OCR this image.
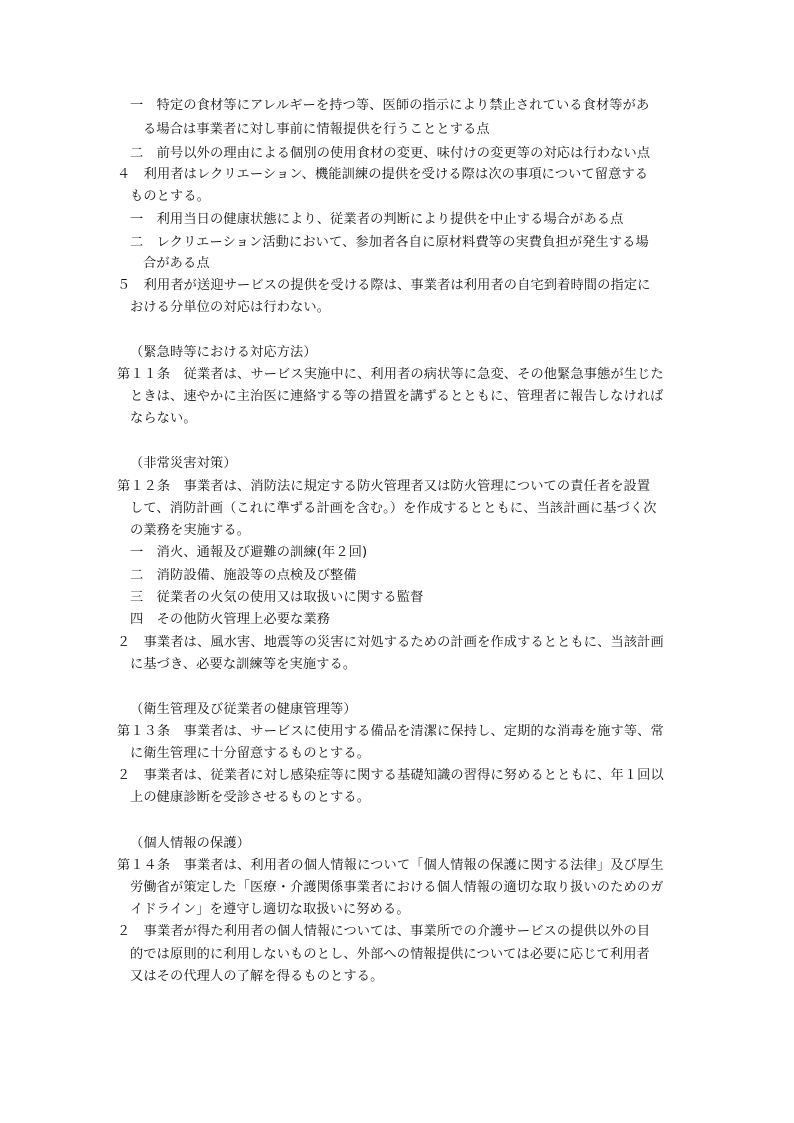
一　特定の食材等にアレルギーを持つ等、医師の指示により禁止されている食材等があ
る場合は事業者に対し事前に情報提供を行うこととする点
二　前号以外の理由による個別の使用食材の変更、味付けの変更等の対応は行わない点
４　利用者はレクリエーション、機能訓練の提供を受ける際は次の事項について留意する
ものとする。
一　利用当日の健康状態により、従業者の判断により提供を中止する場合がある点
二　レクリエーション活動において、参加者各自に原材料費等の実費負担が発生する場
合がある点
５　利用者が送迎サービスの提供を受ける際は、事業者は利用者の自宅到着時間の指定に
おける分単位の対応は行わない。
（緊急時等における対応方法）
第１１条　従業者は、サービス実施中に、利用者の病状等に急変、その他緊急事態が生じた
ときは、速やかに主治医に連絡する等の措置を講ずるとともに、管理者に報告しなければ
ならない。
（非常災害対策）
第１２条　事業者は、消防法に規定する防火管理者又は防火管理についての責任者を設置
して、消防計画（これに準ずる計画を含む。）を作成するとともに、当該計画に基づく次
の業務を実施する。
一　消火、通報及び避難の訓練(年２回)
二　消防設備、施設等の点検及び整備
三　従業者の火気の使用又は取扱いに関する監督
四　その他防火管理上必要な業務
２　事業者は、風水害、地震等の災害に対処するための計画を作成するとともに、当該計画
に基づき、必要な訓練等を実施する。
（衛生管理及び従業者の健康管理等）
第１３条　事業者は、サービスに使用する備品を清潔に保持し、定期的な消毒を施す等、常
に衛生管理に十分留意するものとする。
２　事業者は、従業者に対し感染症等に関する基礎知識の習得に努めるとともに、年１回以
上の健康診断を受診させるものとする。
（個人情報の保護）
第１４条　事業者は、利用者の個人情報について「個人情報の保護に関する法律」及び厚生
労働省が策定した「医療・介護関係事業者における個人情報の適切な取り扱いのためのガ
イドライン」を遵守し適切な取扱いに努める。
２　事業者が得た利用者の個人情報については、事業所での介護サービスの提供以外の目
的では原則的に利用しないものとし、外部への情報提供については必要に応じて利用者
又はその代理人の了解を得るものとする。
